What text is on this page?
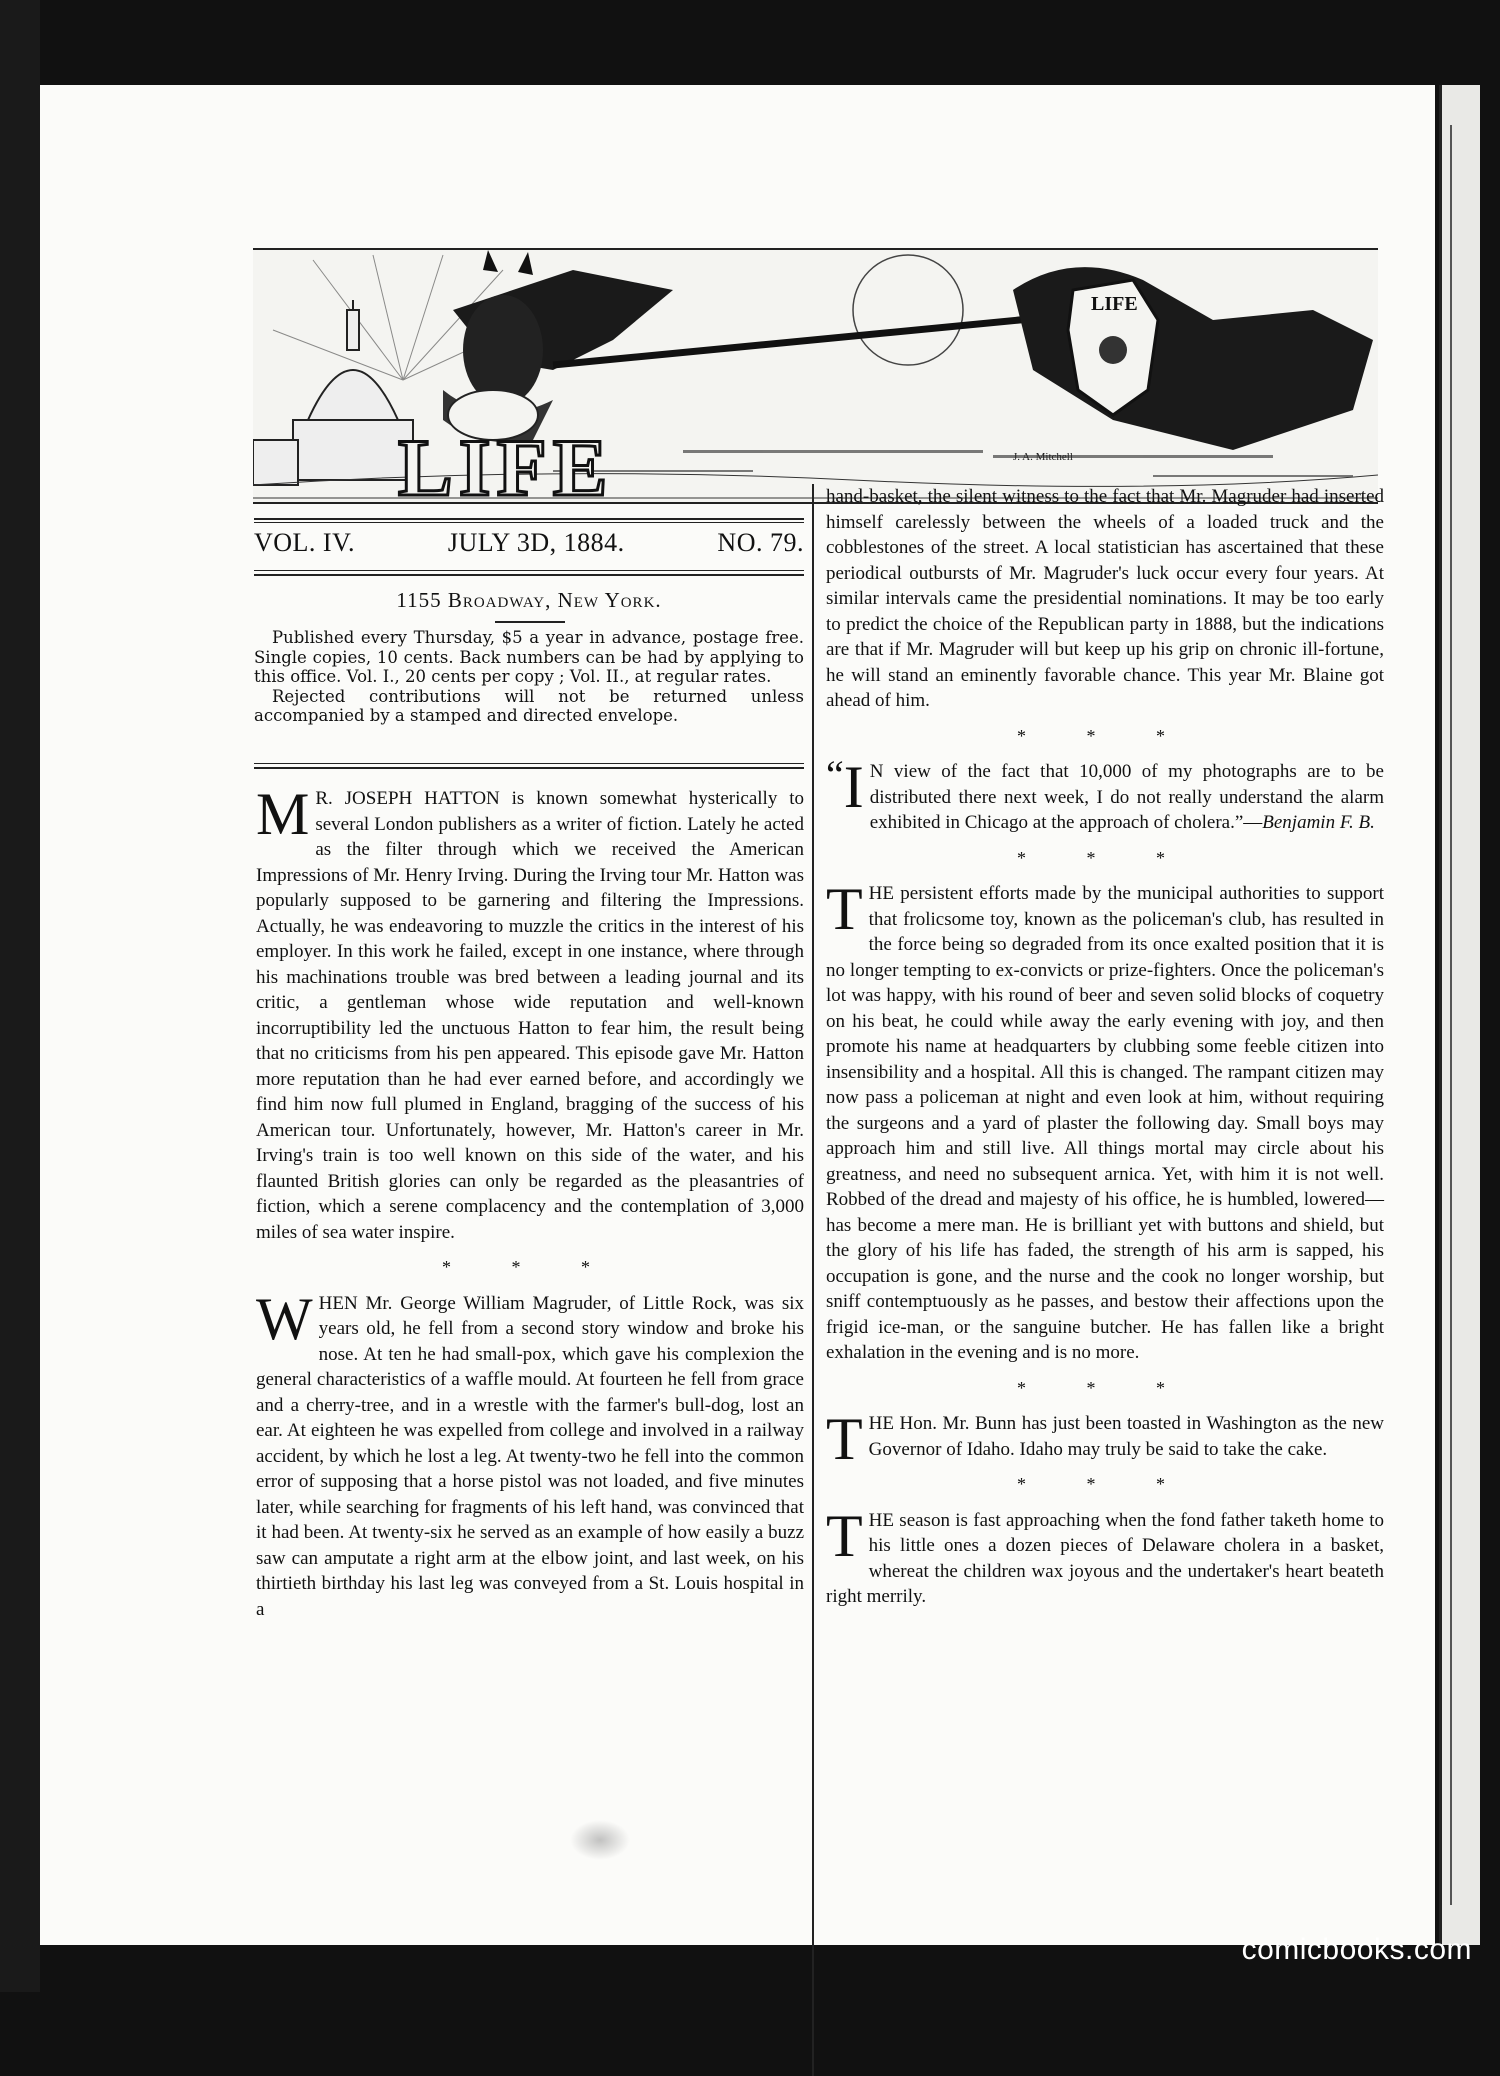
LIFE
LIFE	J. A. Mitchell
VOL. IV.	JULY 3D, 1884.	NO. 79.
1155 Broadway, New York.

Published every Thursday, $5 a year in advance, postage free. Single copies, 10 cents. Back numbers can be had by applying to this office. Vol. I., 20 cents per copy ; Vol. II., at regular rates.

Rejected contributions will not be returned unless accompanied by a stamped and directed envelope.

M R. JOSEPH HATTON is known somewhat hysterically to several London publishers as a writer of fiction. Lately he acted as the filter through which we received the American Impressions of Mr. Henry Irving. During the Irving tour Mr. Hatton was popularly supposed to be garnering and filtering the Impressions. Actually, he was endeavoring to muzzle the critics in the interest of his employer. In this work he failed, except in one instance, where through his machinations trouble was bred between a leading journal and its critic, a gentleman whose wide reputation and well-known incorruptibility led the unctuous Hatton to fear him, the result being that no criticisms from his pen appeared. This episode gave Mr. Hatton more reputation than he had ever earned before, and accordingly we find him now full plumed in England, bragging of the success of his American tour. Unfortunately, however, Mr. Hatton's career in Mr. Irving's train is too well known on this side of the water, and his flaunted British glories can only be regarded as the pleasantries of fiction, which a serene complacency and the contemplation of 3,000 miles of sea water inspire.

* * *

WHEN Mr. George William Magruder, of Little Rock, was six years old, he fell from a second story window and broke his nose. At ten he had small-pox, which gave his complexion the general characteristics of a waffle mould. At fourteen he fell from grace and a cherry-tree, and in a wrestle with the farmer's bull-dog, lost an ear. At eighteen he was expelled from college and involved in a railway accident, by which he lost a leg. At twenty-two he fell into the common error of supposing that a horse pistol was not loaded, and five minutes later, while searching for fragments of his left hand, was convinced that it had been. At twenty-six he served as an example of how easily a buzz saw can amputate a right arm at the elbow joint, and last week, on his thirtieth birthday his last leg was conveyed from a St. Louis hospital in a

hand-basket, the silent witness to the fact that Mr. Magruder had inserted himself carelessly between the wheels of a loaded truck and the cobblestones of the street. A local statistician has ascertained that these periodical outbursts of Mr. Magruder's luck occur every four years. At similar intervals came the presidential nominations. It may be too early to predict the choice of the Republican party in 1888, but the indications are that if Mr. Magruder will but keep up his grip on chronic ill-fortune, he will stand an eminently favorable chance. This year Mr. Blaine got ahead of him.

* * *

“ I N view of the fact that 10,000 of my photographs are to be distributed there next week, I do not really understand the alarm exhibited in Chicago at the approach of cholera.”—Benjamin F. B.

* * *

THE persistent efforts made by the municipal authorities to support that frolicsome toy, known as the policeman's club, has resulted in the force being so degraded from its once exalted position that it is no longer tempting to ex-convicts or prize-fighters. Once the policeman's lot was happy, with his round of beer and seven solid blocks of coquetry on his beat, he could while away the early evening with joy, and then promote his name at headquarters by clubbing some feeble citizen into insensibility and a hospital. All this is changed. The rampant citizen may now pass a policeman at night and even look at him, without requiring the surgeons and a yard of plaster the following day. Small boys may approach him and still live. All things mortal may circle about his greatness, and need no subsequent arnica. Yet, with him it is not well. Robbed of the dread and majesty of his office, he is humbled, lowered—has become a mere man. He is brilliant yet with buttons and shield, but the glory of his life has faded, the strength of his arm is sapped, his occupation is gone, and the nurse and the cook no longer worship, but sniff contemptuously as he passes, and bestow their affections upon the frigid ice-man, or the sanguine butcher. He has fallen like a bright exhalation in the evening and is no more.

* * *

THE Hon. Mr. Bunn has just been toasted in Washington as the new Governor of Idaho. Idaho may truly be said to take the cake.

* * *

THE season is fast approaching when the fond father taketh home to his little ones a dozen pieces of Delaware cholera in a basket, whereat the children wax joyous and the undertaker's heart beateth right merrily.

comicbooks.com
